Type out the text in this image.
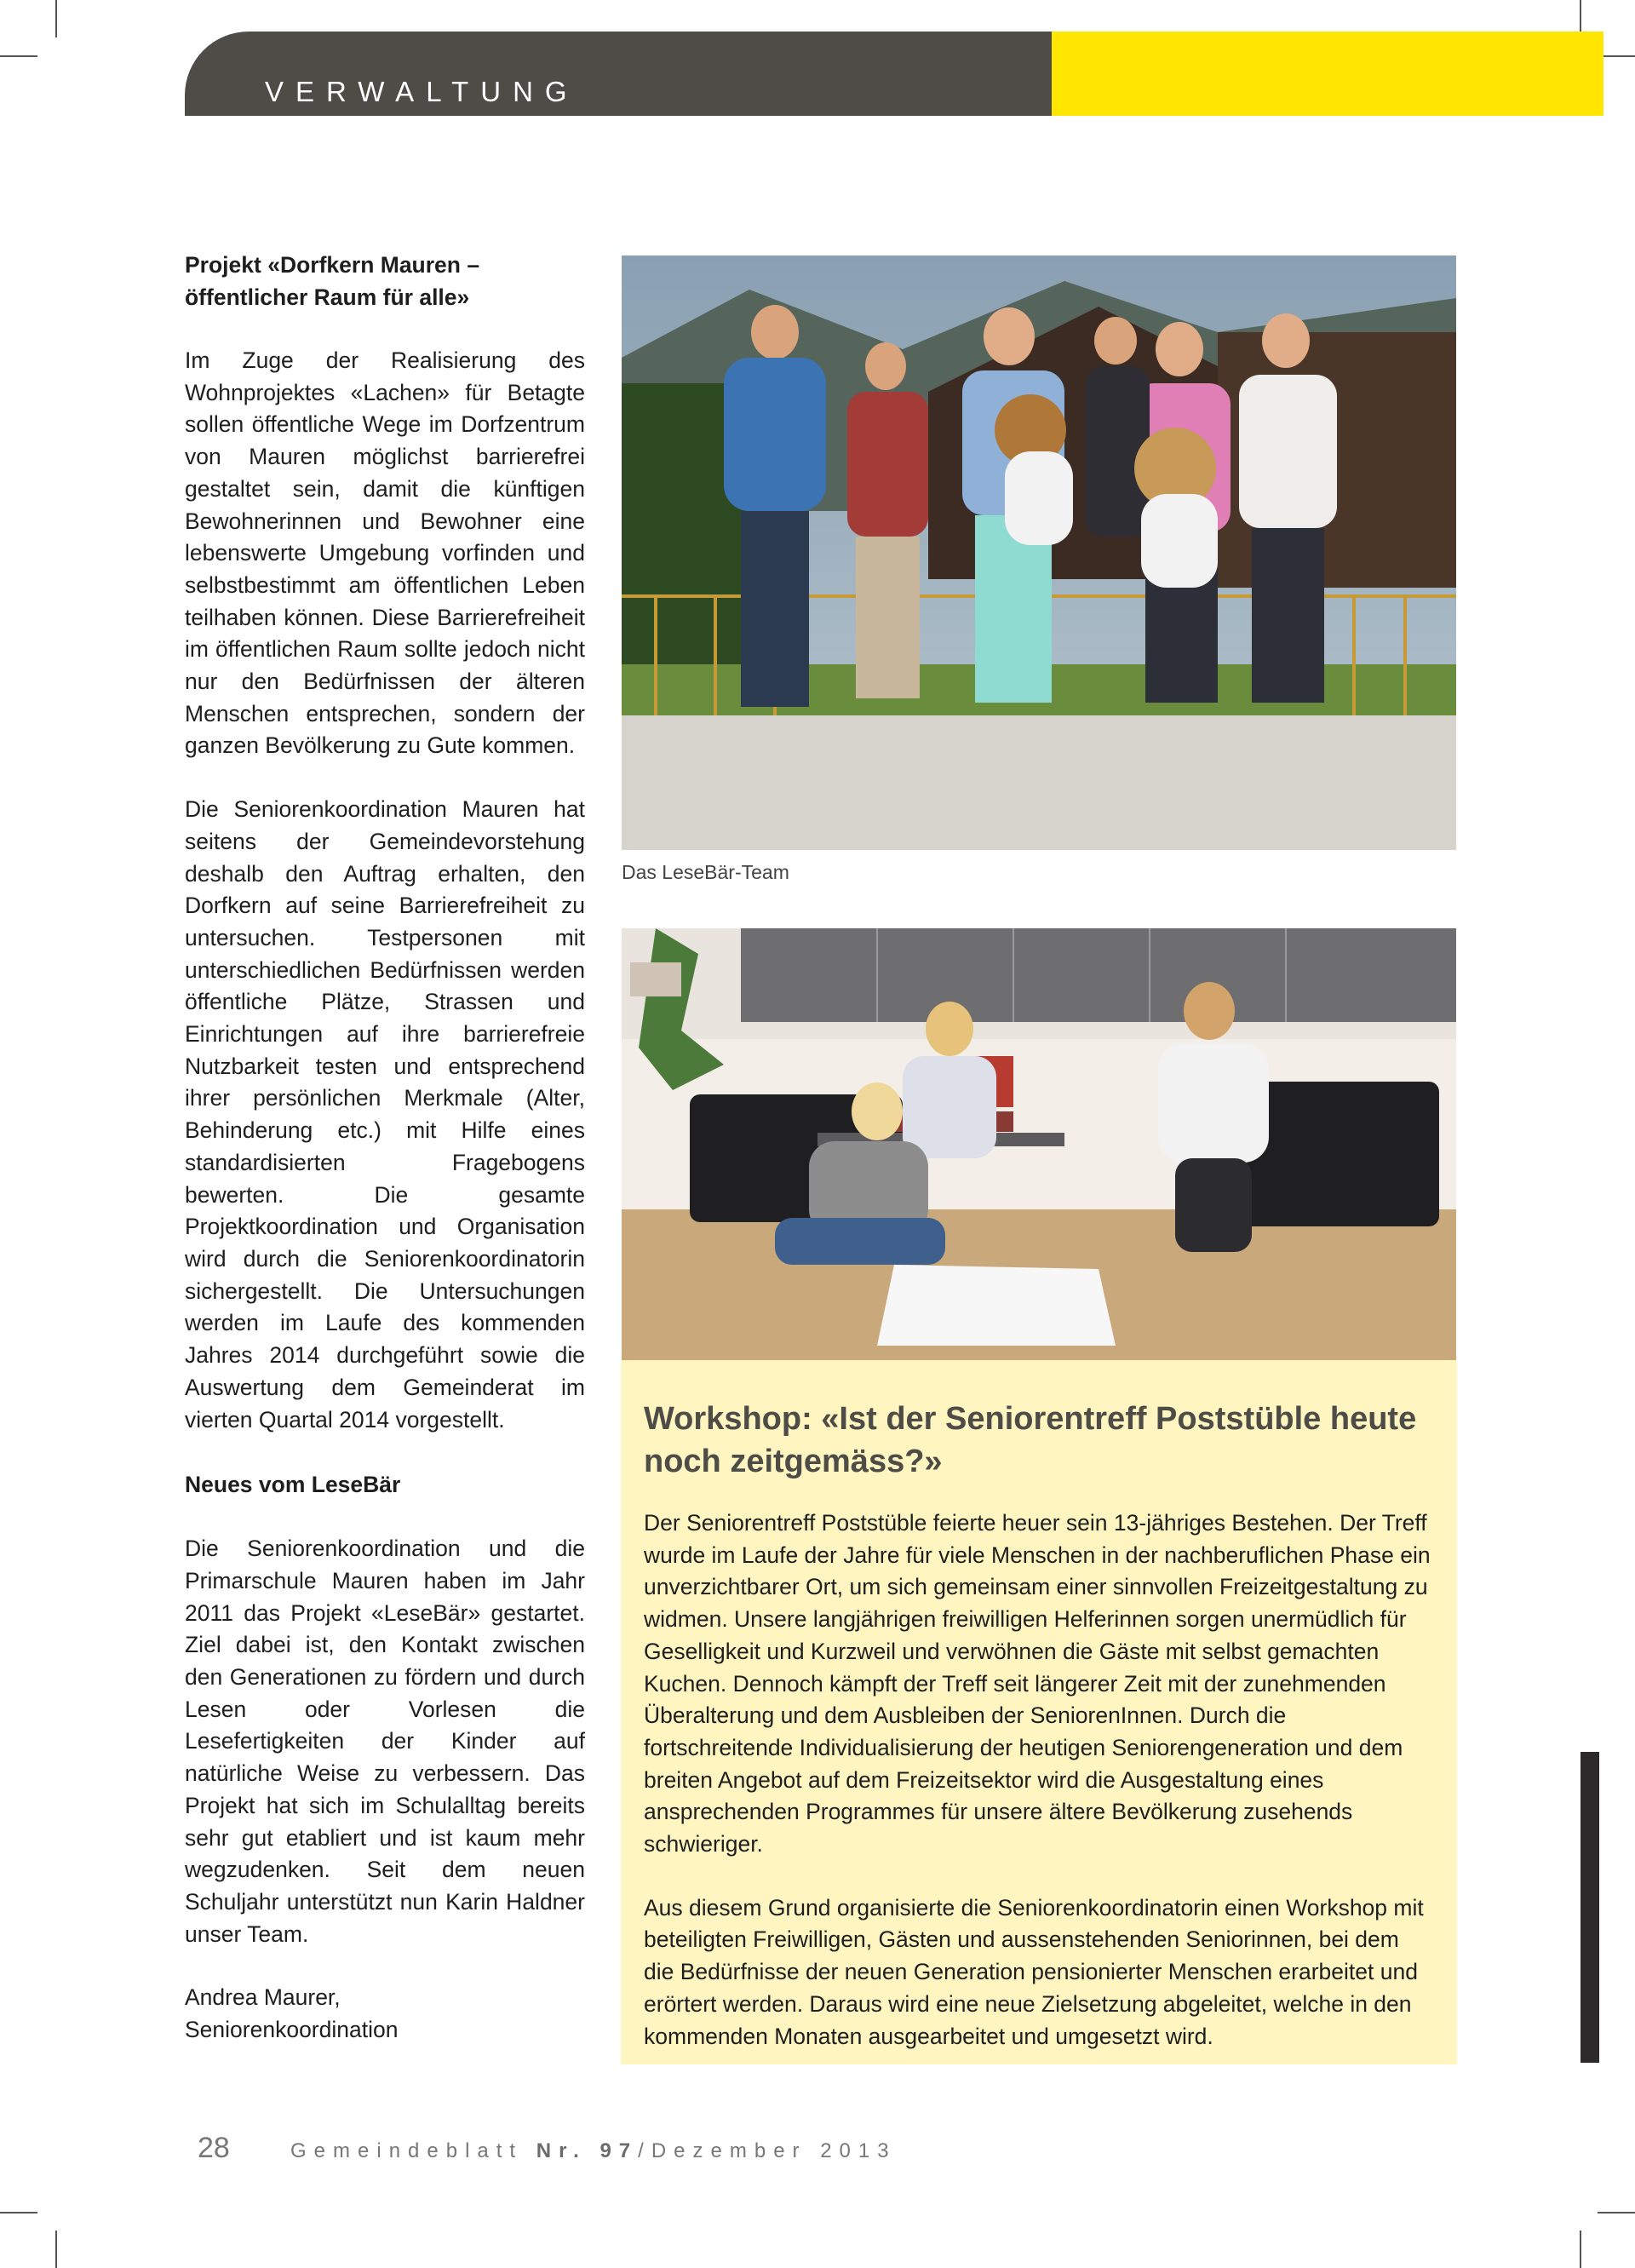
VERWALTUNG
Projekt «Dorfkern Mauren –
öffentlicher Raum für alle»

Im Zuge der Realisierung des Wohnprojektes «Lachen» für Betagte sollen öffentliche Wege im Dorfzentrum von Mauren möglichst barrierefrei gestaltet sein, damit die künftigen Bewohnerinnen und Bewohner eine lebenswerte Umgebung vorfinden und selbstbestimmt am öffentlichen Leben teilhaben können. Diese Barrierefreiheit im öffentlichen Raum sollte jedoch nicht nur den Bedürfnissen der älteren Menschen entsprechen, sondern der ganzen Bevölkerung zu Gute kommen.

Die Seniorenkoordination Mauren hat seitens der Gemeindevorstehung deshalb den Auftrag erhalten, den Dorfkern auf seine Barrierefreiheit zu untersuchen. Testpersonen mit unterschiedlichen Bedürfnissen werden öffentliche Plätze, Strassen und Einrichtungen auf ihre barrierefreie Nutzbarkeit testen und entsprechend ihrer persönlichen Merkmale (Alter, Behinderung etc.) mit Hilfe eines standardisierten Fragebogens bewerten. Die gesamte Projektkoordination und Organisation wird durch die Seniorenkoordinatorin sichergestellt. Die Untersuchungen werden im Laufe des kommenden Jahres 2014 durchgeführt sowie die Auswertung dem Gemeinderat im vierten Quartal 2014 vorgestellt.

Neues vom LeseBär

Die Seniorenkoordination und die Primarschule Mauren haben im Jahr 2011 das Projekt «LeseBär» gestartet. Ziel dabei ist, den Kontakt zwischen den Generationen zu fördern und durch Lesen oder Vorlesen die Lesefertigkeiten der Kinder auf natürliche Weise zu verbessern. Das Projekt hat sich im Schulalltag bereits sehr gut etabliert und ist kaum mehr wegzudenken. Seit dem neuen Schuljahr unterstützt nun Karin Haldner unser Team.

Andrea Maurer,

Seniorenkoordination

Das LeseBär-Team
Workshop: «Ist der Seniorentreff Poststüble heute noch zeitgemäss?»

Der Seniorentreff Poststüble feierte heuer sein 13-jähriges Bestehen. Der Treff wurde im Laufe der Jahre für viele Menschen in der nachberuflichen Phase ein unverzichtbarer Ort, um sich gemeinsam einer sinnvollen Freizeitgestaltung zu widmen. Unsere langjährigen freiwilligen Helferinnen sorgen unermüdlich für Geselligkeit und Kurzweil und verwöhnen die Gäste mit selbst gemachten Kuchen. Dennoch kämpft der Treff seit längerer Zeit mit der zunehmenden Überalterung und dem Ausbleiben der SeniorenInnen. Durch die fortschreitende Individualisierung der heutigen Seniorengeneration und dem breiten Angebot auf dem Freizeitsektor wird die Ausgestaltung eines ansprechenden Programmes für unsere ältere Bevölkerung zusehends schwieriger.

Aus diesem Grund organisierte die Seniorenkoordinatorin einen Workshop mit beteiligten Freiwilligen, Gästen und aussenstehenden Seniorinnen, bei dem die Bedürfnisse der neuen Generation pensionierter Menschen erarbeitet und erörtert werden. Daraus wird eine neue Zielsetzung abgeleitet, welche in den kommenden Monaten ausgearbeitet und umgesetzt wird.

28	Gemeindeblatt Nr. 97/Dezember 2013
